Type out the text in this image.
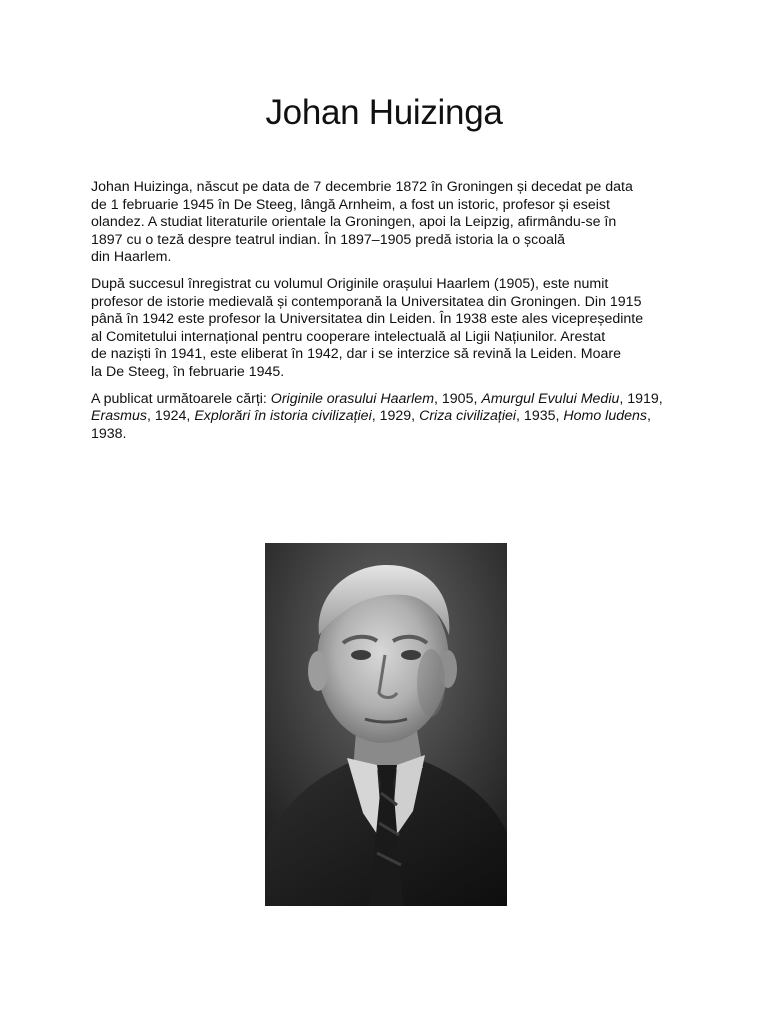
Johan Huizinga

Johan Huizinga, născut pe data de 7 decembrie 1872 în Groningen și decedat pe data
de 1 februarie 1945 în De Steeg, lângă Arnheim, a fost un istoric, profesor și eseist
olandez. A studiat literaturile orientale la Groningen, apoi la Leipzig, afirmându-se în
1897 cu o teză despre teatrul indian. În 1897–1905 predă istoria la o școală
din Haarlem.

După succesul înregistrat cu volumul Originile orașului Haarlem (1905), este numit
profesor de istorie medievală și contemporană la Universitatea din Groningen. Din 1915
până în 1942 este profesor la Universitatea din Leiden. În 1938 este ales vicepreședinte
al Comitetului internațional pentru cooperare intelectuală al Ligii Națiunilor. Arestat
de naziști în 1941, este eliberat în 1942, dar i se interzice să revină la Leiden. Moare
la De Steeg, în februarie 1945.

A publicat următoarele cărți: Originile orasului Haarlem, 1905, Amurgul Evului Mediu, 1919, Erasmus, 1924, Explorări în istoria civilizației, 1929, Criza civilizației, 1935, Homo ludens, 1938.
